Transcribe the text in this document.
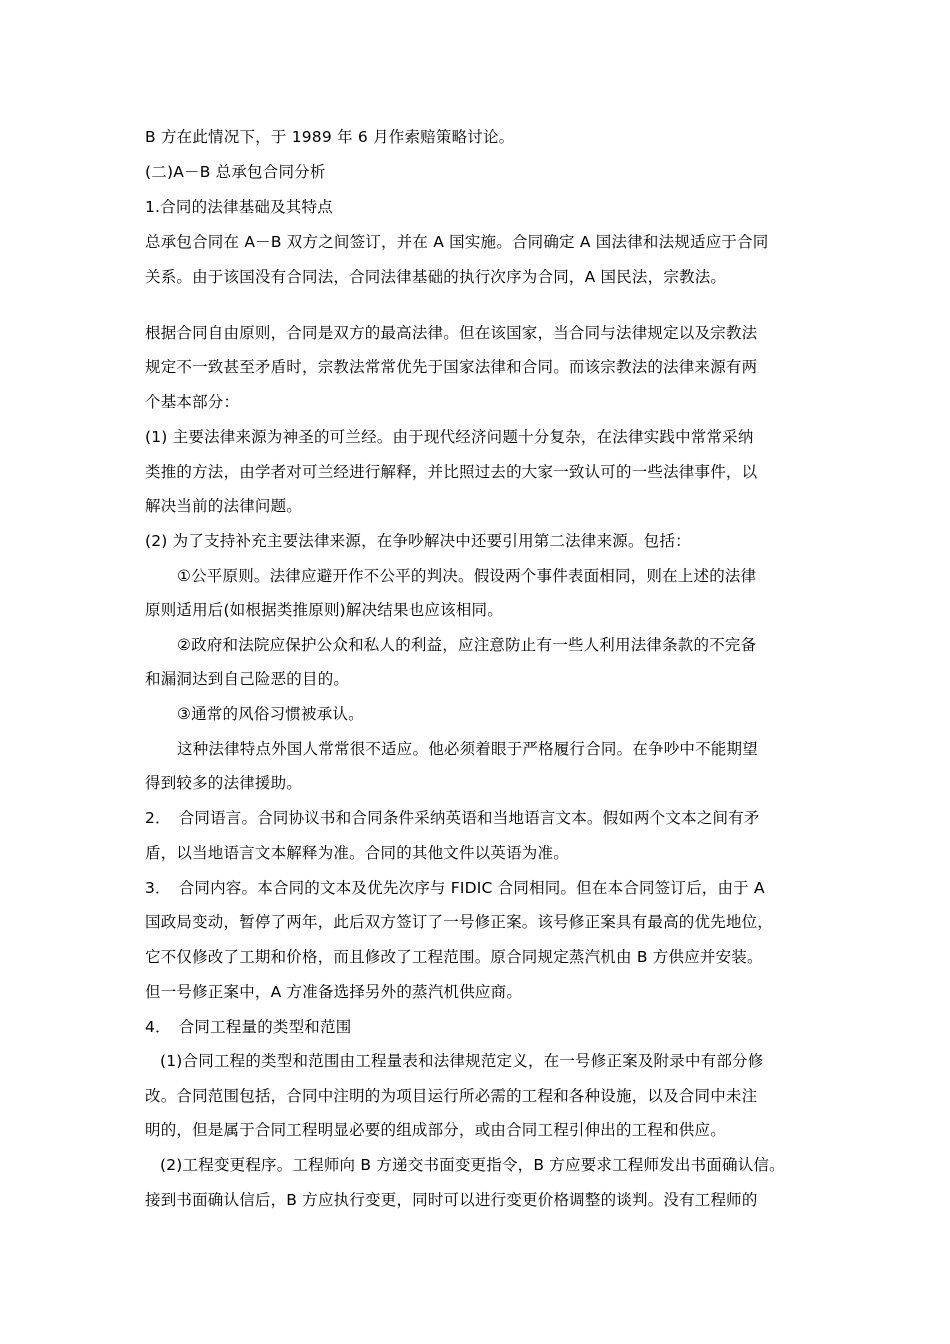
B 方在此情况下，于 1989 年 6 月作索赔策略讨论。
(二)A－B 总承包合同分析
1.合同的法律基础及其特点
总承包合同在 A－B 双方之间签订，并在 A 国实施。合同确定 A 国法律和法规适应于合同
关系。由于该国没有合同法，合同法律基础的执行次序为合同，A 国民法，宗教法。
根据合同自由原则，合同是双方的最高法律。但在该国家，当合同与法律规定以及宗教法
规定不一致甚至矛盾时，宗教法常常优先于国家法律和合同。而该宗教法的法律来源有两
个基本部分：
(1) 主要法律来源为神圣的可兰经。由于现代经济问题十分复杂，在法律实践中常常采纳
类推的方法，由学者对可兰经进行解释，并比照过去的大家一致认可的一些法律事件，以
解决当前的法律问题。
(2) 为了支持补充主要法律来源，在争吵解决中还要引用第二法律来源。包括：
①公平原则。法律应避开作不公平的判决。假设两个事件表面相同，则在上述的法律
原则适用后(如根据类推原则)解决结果也应该相同。
②政府和法院应保护公众和私人的利益，应注意防止有一些人利用法律条款的不完备
和漏洞达到自己险恶的目的。
③通常的风俗习惯被承认。
这种法律特点外国人常常很不适应。他必须着眼于严格履行合同。在争吵中不能期望
得到较多的法律援助。
2．　合同语言。合同协议书和合同条件采纳英语和当地语言文本。假如两个文本之间有矛
盾，以当地语言文本解释为准。合同的其他文件以英语为准。
3．　合同内容。本合同的文本及优先次序与 FIDIC 合同相同。但在本合同签订后，由于 A
国政局变动，暂停了两年，此后双方签订了一号修正案。该号修正案具有最高的优先地位，
它不仅修改了工期和价格，而且修改了工程范围。原合同规定蒸汽机由 B 方供应并安装。
但一号修正案中，A 方准备选择另外的蒸汽机供应商。
4．　合同工程量的类型和范围
(1)合同工程的类型和范围由工程量表和法律规范定义，在一号修正案及附录中有部分修
改。合同范围包括，合同中注明的为项目运行所必需的工程和各种设施，以及合同中未注
明的，但是属于合同工程明显必要的组成部分，或由合同工程引伸出的工程和供应。
(2)工程变更程序。工程师向 B 方递交书面变更指令，B 方应要求工程师发出书面确认信。
接到书面确认信后，B 方应执行变更，同时可以进行变更价格调整的谈判。没有工程师的
